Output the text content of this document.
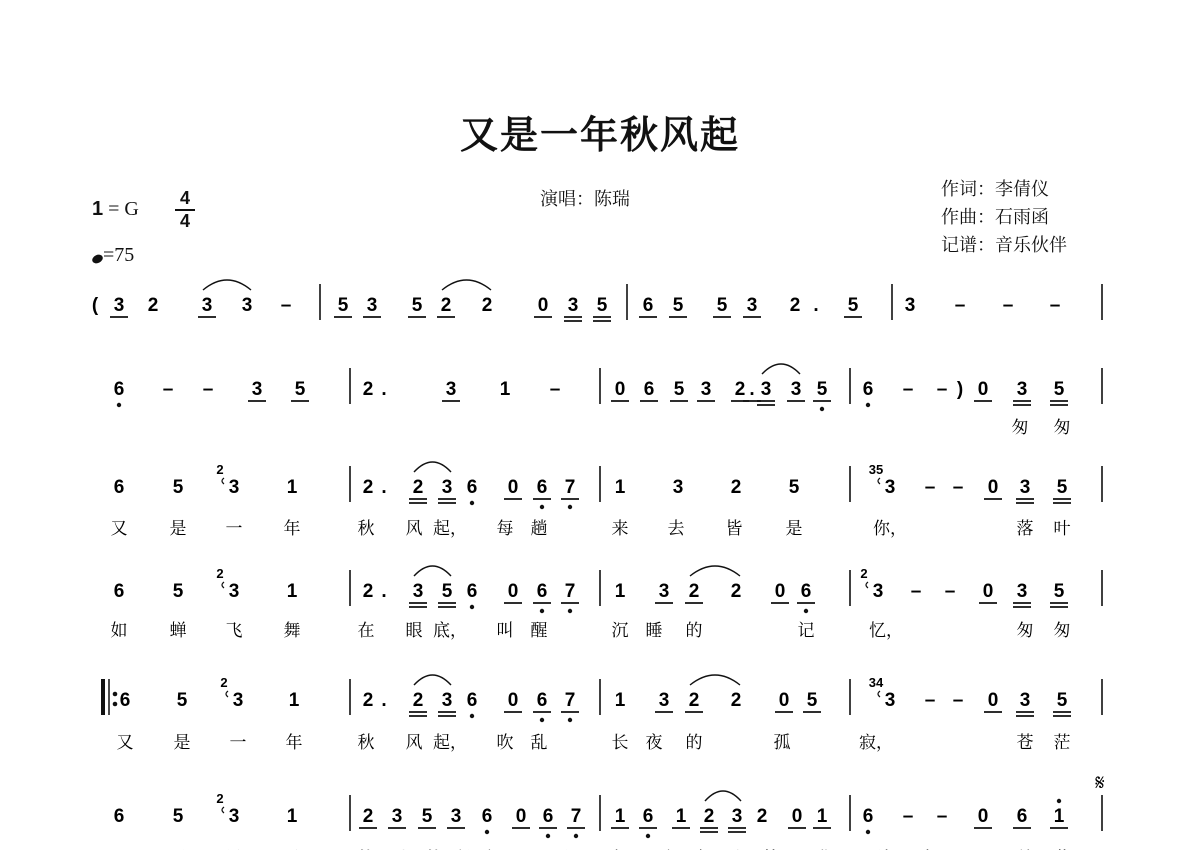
又是一年秋风起
演唱：陈瑞	作词：李倩仪
作曲：石雨函
记谱：音乐伙伴
1 = G	4
4
=75
( 3 2 3 3 – 5 3 5 2 2 0 3 5 6 5 5 3 2 . 5 3 – – –
6 – – 3 5	2 .	3 1 –	0 6 5 3 2 . 3 3 5 6 – – ) 0 3 5
匆 匆
6	5 3
2
1	2 . 2 3 6 0 6 7 1 3 2 5	3
35
– – 0 3 5
又 是 一 年	秋 风 起， 每 趟	来 去 皆	是	你，	落 叶
6	5 3
2
1	2 . 3 5 6 0 6 7 1 3 2 2 0 6	3
2
– – 0 3 5
如 蝉 飞 舞	在 眼 底， 叫 醒	沉 睡 的	记	忆，	匆 匆
6 5 3
2
1	2 . 2 3 6 0 6 7 1 3 2 2 0 5	3
34
– – 0 3 5
又 是 一 年	秋 风 起， 吹 乱	长 夜 的	孤	寂，	苍 茫
6	5 3
2
1	2 3 5 3 6 0 6 7 1 6 1 2 3 2 0 1 6 – – 0 6 1
𝄋
